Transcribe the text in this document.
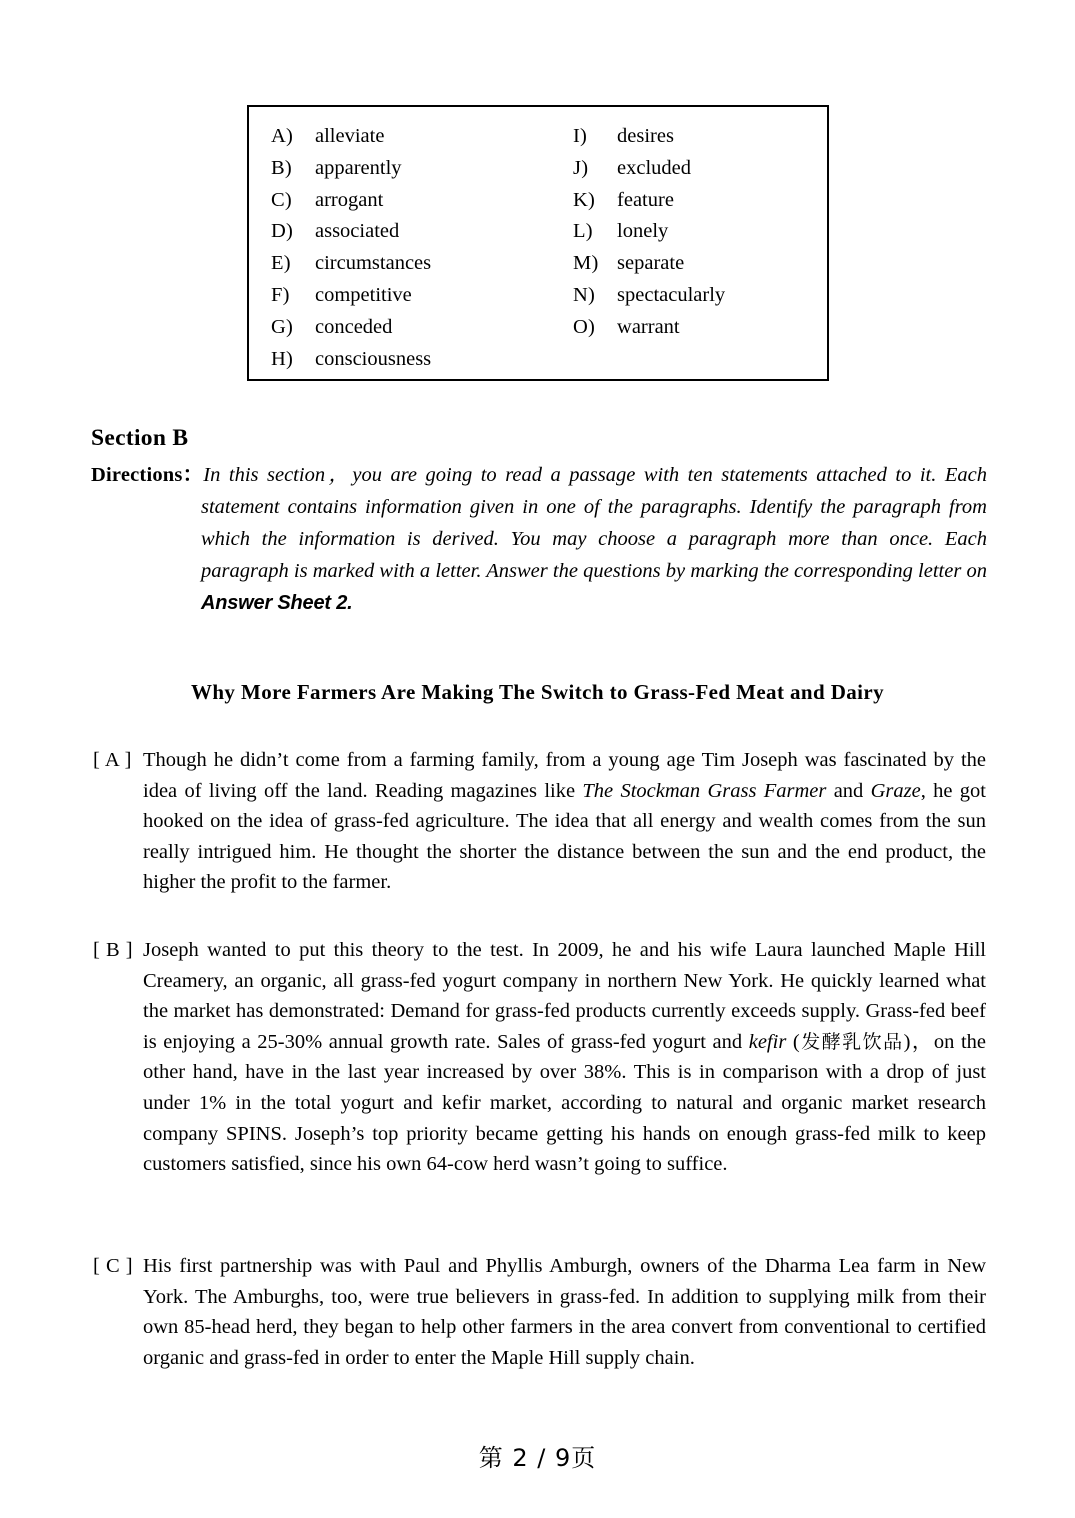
A)	alleviate
B)	apparently
C)	arrogant
D)	associated
E)	circumstances
F)	competitive
G)	conceded
H)	consciousness
I)	desires
J)	excluded
K)	feature
L)	lonely
M) separate
N)	spectacularly
O)	warrant
Section B
Directions： In this section，you are going to read a passage with ten statements attached to it. Each statement contains information given in one of the paragraphs. Identify the paragraph from which the information is derived. You may choose a paragraph more than once. Each paragraph is marked with a letter. Answer the questions by marking the corresponding letter on Answer Sheet 2.
Why More Farmers Are Making The Switch to Grass-Fed Meat and Dairy
[ A ] Though he didn’t come from a farming family, from a young age Tim Joseph was fascinated by the idea of living off the land. Reading magazines like The Stockman Grass Farmer and Graze, he got hooked on the idea of grass-fed agriculture. The idea that all energy and wealth comes from the sun really intrigued him. He thought the shorter the distance between the sun and the end product, the higher the profit to the farmer.
[ B ] Joseph wanted to put this theory to the test. In 2009, he and his wife Laura launched Maple Hill Creamery, an organic, all grass-fed yogurt company in northern New York. He quickly learned what the market has demonstrated: Demand for grass-fed products currently exceeds supply. Grass-fed beef is enjoying a 25-30% annual growth rate. Sales of grass-fed yogurt and kefir (发酵乳饮品)，on the other hand, have in the last year increased by over 38%. This is in comparison with a drop of just under 1% in the total yogurt and kefir market, according to natural and organic market research company SPINS. Joseph’s top priority became getting his hands on enough grass-fed milk to keep customers satisfied, since his own 64-cow herd wasn’t going to suffice.
[ C ] His first partnership was with Paul and Phyllis Amburgh, owners of the Dharma Lea farm in New York. The Amburghs, too, were true believers in grass-fed. In addition to supplying milk from their own 85-head herd, they began to help other farmers in the area convert from conventional to certified organic and grass-fed in order to enter the Maple Hill supply chain.
第 2 / 9页
